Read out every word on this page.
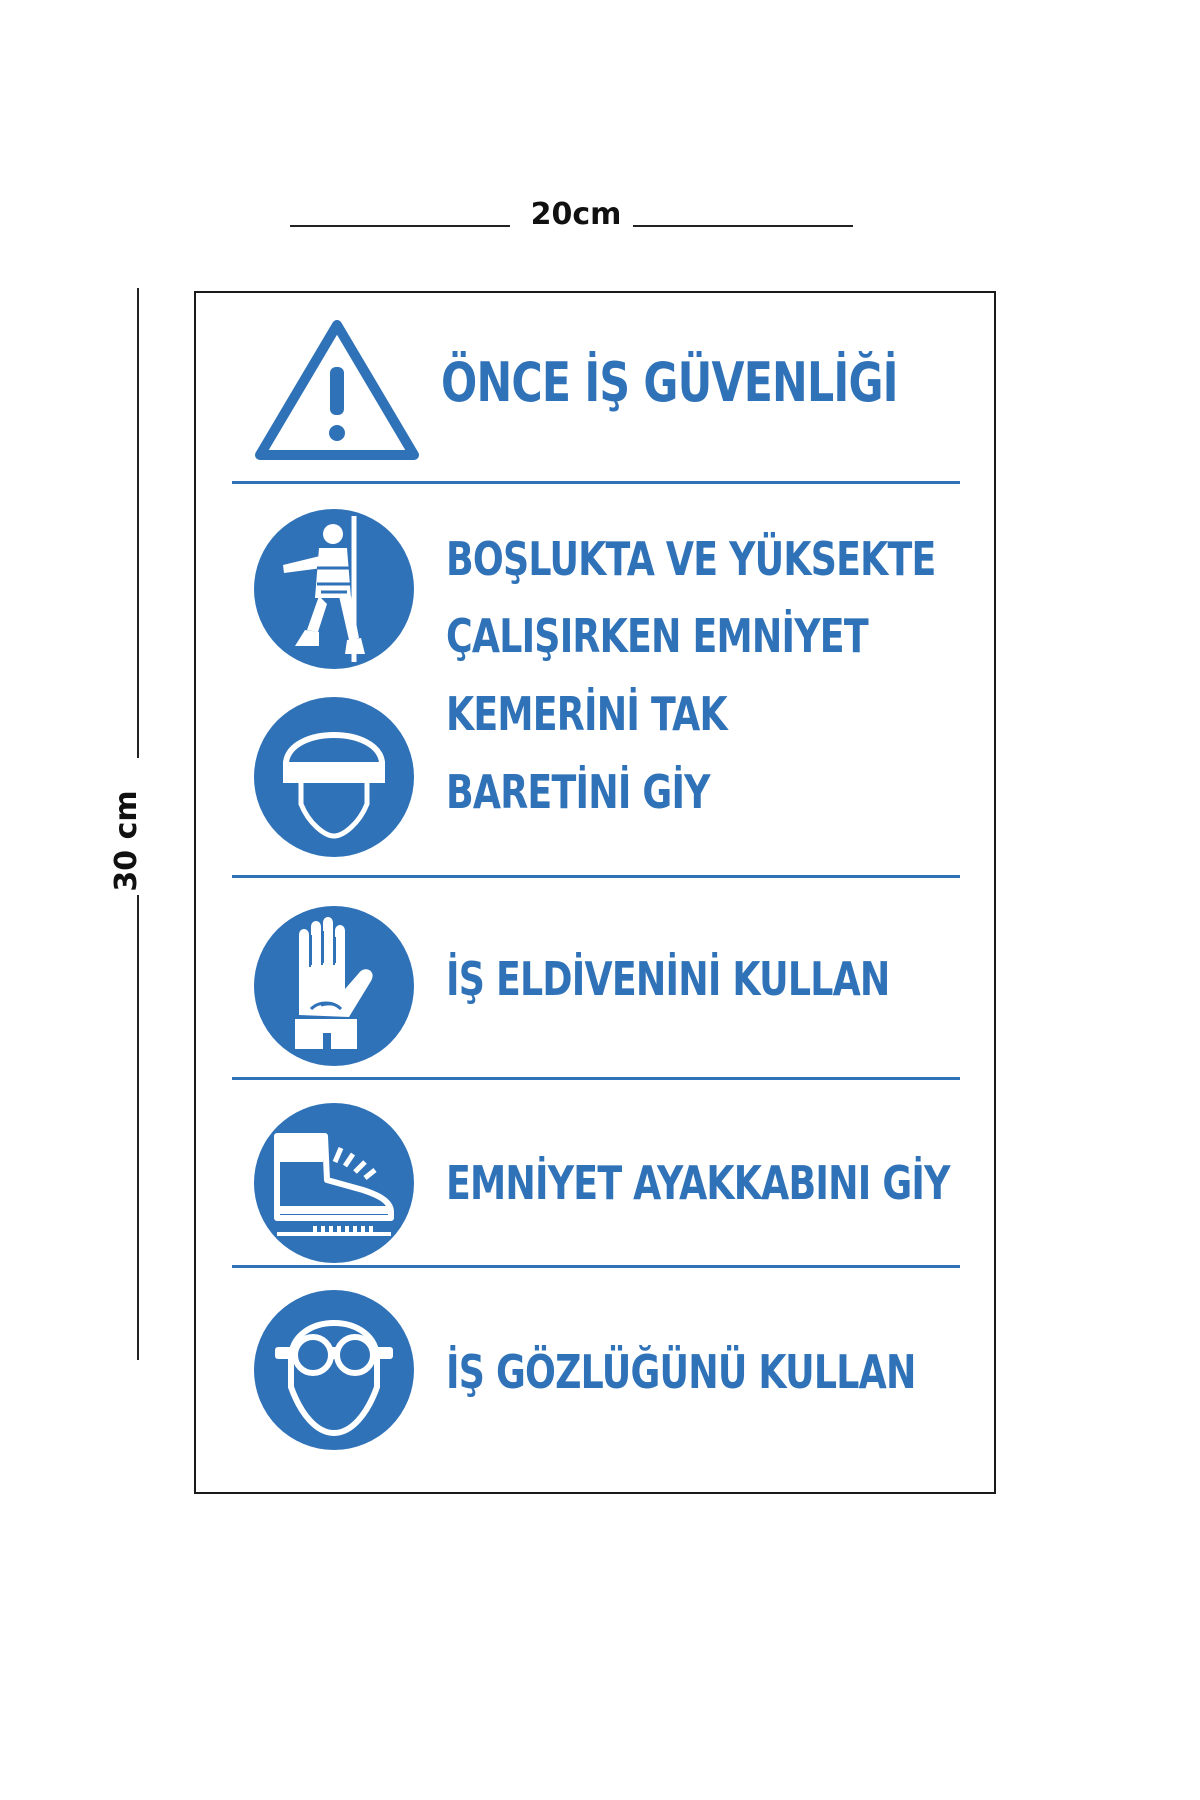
20cm
30 cm
ÖNCE İŞ GÜVENLİĞİ
BOŞLUKTA VE YÜKSEKTE
ÇALIŞIRKEN EMNİYET
KEMERİNİ TAK
BARETİNİ GİY
İŞ ELDİVENİNİ KULLAN
EMNİYET AYAKKABINI GİY
İŞ GÖZLÜĞÜNÜ KULLAN
